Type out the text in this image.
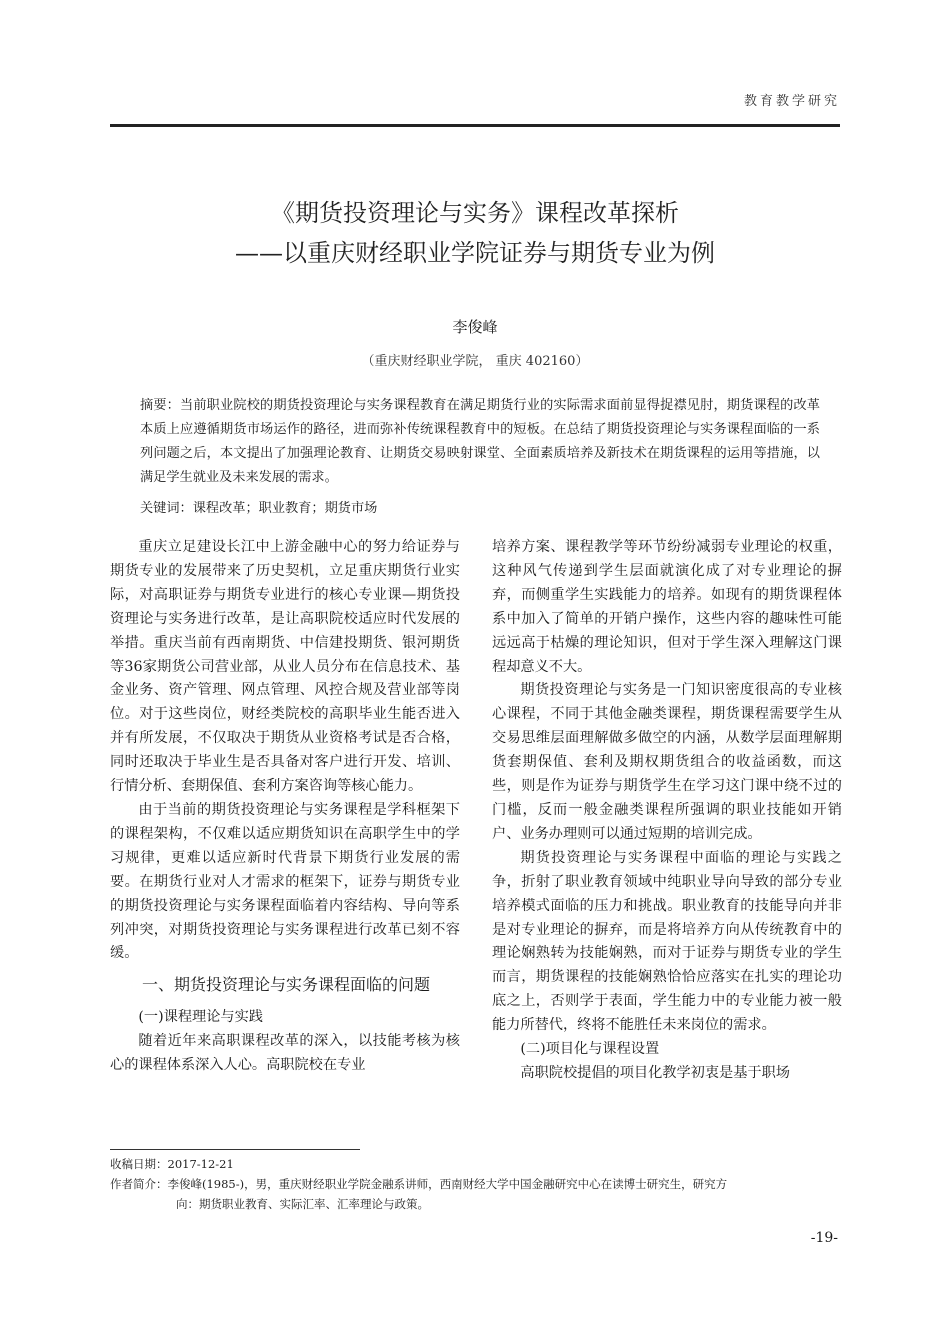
教育教学研究
《期货投资理论与实务》课程改革探析
——以重庆财经职业学院证券与期货专业为例
李俊峰
（重庆财经职业学院， 重庆 402160）
摘要：当前职业院校的期货投资理论与实务课程教育在满足期货行业的实际需求面前显得捉襟见肘，期货课程的改革本质上应遵循期货市场运作的路径，进而弥补传统课程教育中的短板。在总结了期货投资理论与实务课程面临的一系列问题之后，本文提出了加强理论教育、让期货交易映射课堂、全面素质培养及新技术在期货课程的运用等措施，以满足学生就业及未来发展的需求。
关键词：课程改革；职业教育；期货市场

重庆立足建设长江中上游金融中心的努力给证券与期货专业的发展带来了历史契机，立足重庆期货行业实际，对高职证券与期货专业进行的核心专业课—期货投资理论与实务进行改革，是让高职院校适应时代发展的举措。重庆当前有西南期货、中信建投期货、银河期货等36家期货公司营业部，从业人员分布在信息技术、基金业务、资产管理、网点管理、风控合规及营业部等岗位。对于这些岗位，财经类院校的高职毕业生能否进入并有所发展，不仅取决于期货从业资格考试是否合格，同时还取决于毕业生是否具备对客户进行开发、培训、行情分析、套期保值、套利方案咨询等核心能力。

由于当前的期货投资理论与实务课程是学科框架下的课程架构，不仅难以适应期货知识在高职学生中的学习规律，更难以适应新时代背景下期货行业发展的需要。在期货行业对人才需求的框架下，证券与期货专业的期货投资理论与实务课程面临着内容结构、导向等系列冲突，对期货投资理论与实务课程进行改革已刻不容缓。

一、期货投资理论与实务课程面临的问题

(一)课程理论与实践

随着近年来高职课程改革的深入，以技能考核为核心的课程体系深入人心。高职院校在专业

培养方案、课程教学等环节纷纷减弱专业理论的权重，这种风气传递到学生层面就演化成了对专业理论的摒弃，而侧重学生实践能力的培养。如现有的期货课程体系中加入了简单的开销户操作，这些内容的趣味性可能远远高于枯燥的理论知识，但对于学生深入理解这门课程却意义不大。

期货投资理论与实务是一门知识密度很高的专业核心课程，不同于其他金融类课程，期货课程需要学生从交易思维层面理解做多做空的内涵，从数学层面理解期货套期保值、套利及期权期货组合的收益函数，而这些，则是作为证券与期货学生在学习这门课中绕不过的门槛，反而一般金融类课程所强调的职业技能如开销户、业务办理则可以通过短期的培训完成。

期货投资理论与实务课程中面临的理论与实践之争，折射了职业教育领域中纯职业导向导致的部分专业培养模式面临的压力和挑战。职业教育的技能导向并非是对专业理论的摒弃，而是将培养方向从传统教育中的理论娴熟转为技能娴熟，而对于证券与期货专业的学生而言，期货课程的技能娴熟恰恰应落实在扎实的理论功底之上，否则学于表面，学生能力中的专业能力被一般能力所替代，终将不能胜任未来岗位的需求。

(二)项目化与课程设置

高职院校提倡的项目化教学初衷是基于职场

收稿日期：2017-12-21
作者简介：李俊峰(1985-)，男，重庆财经职业学院金融系讲师，西南财经大学中国金融研究中心在读博士研究生，研究方
向：期货职业教育、实际汇率、汇率理论与政策。
-19-
